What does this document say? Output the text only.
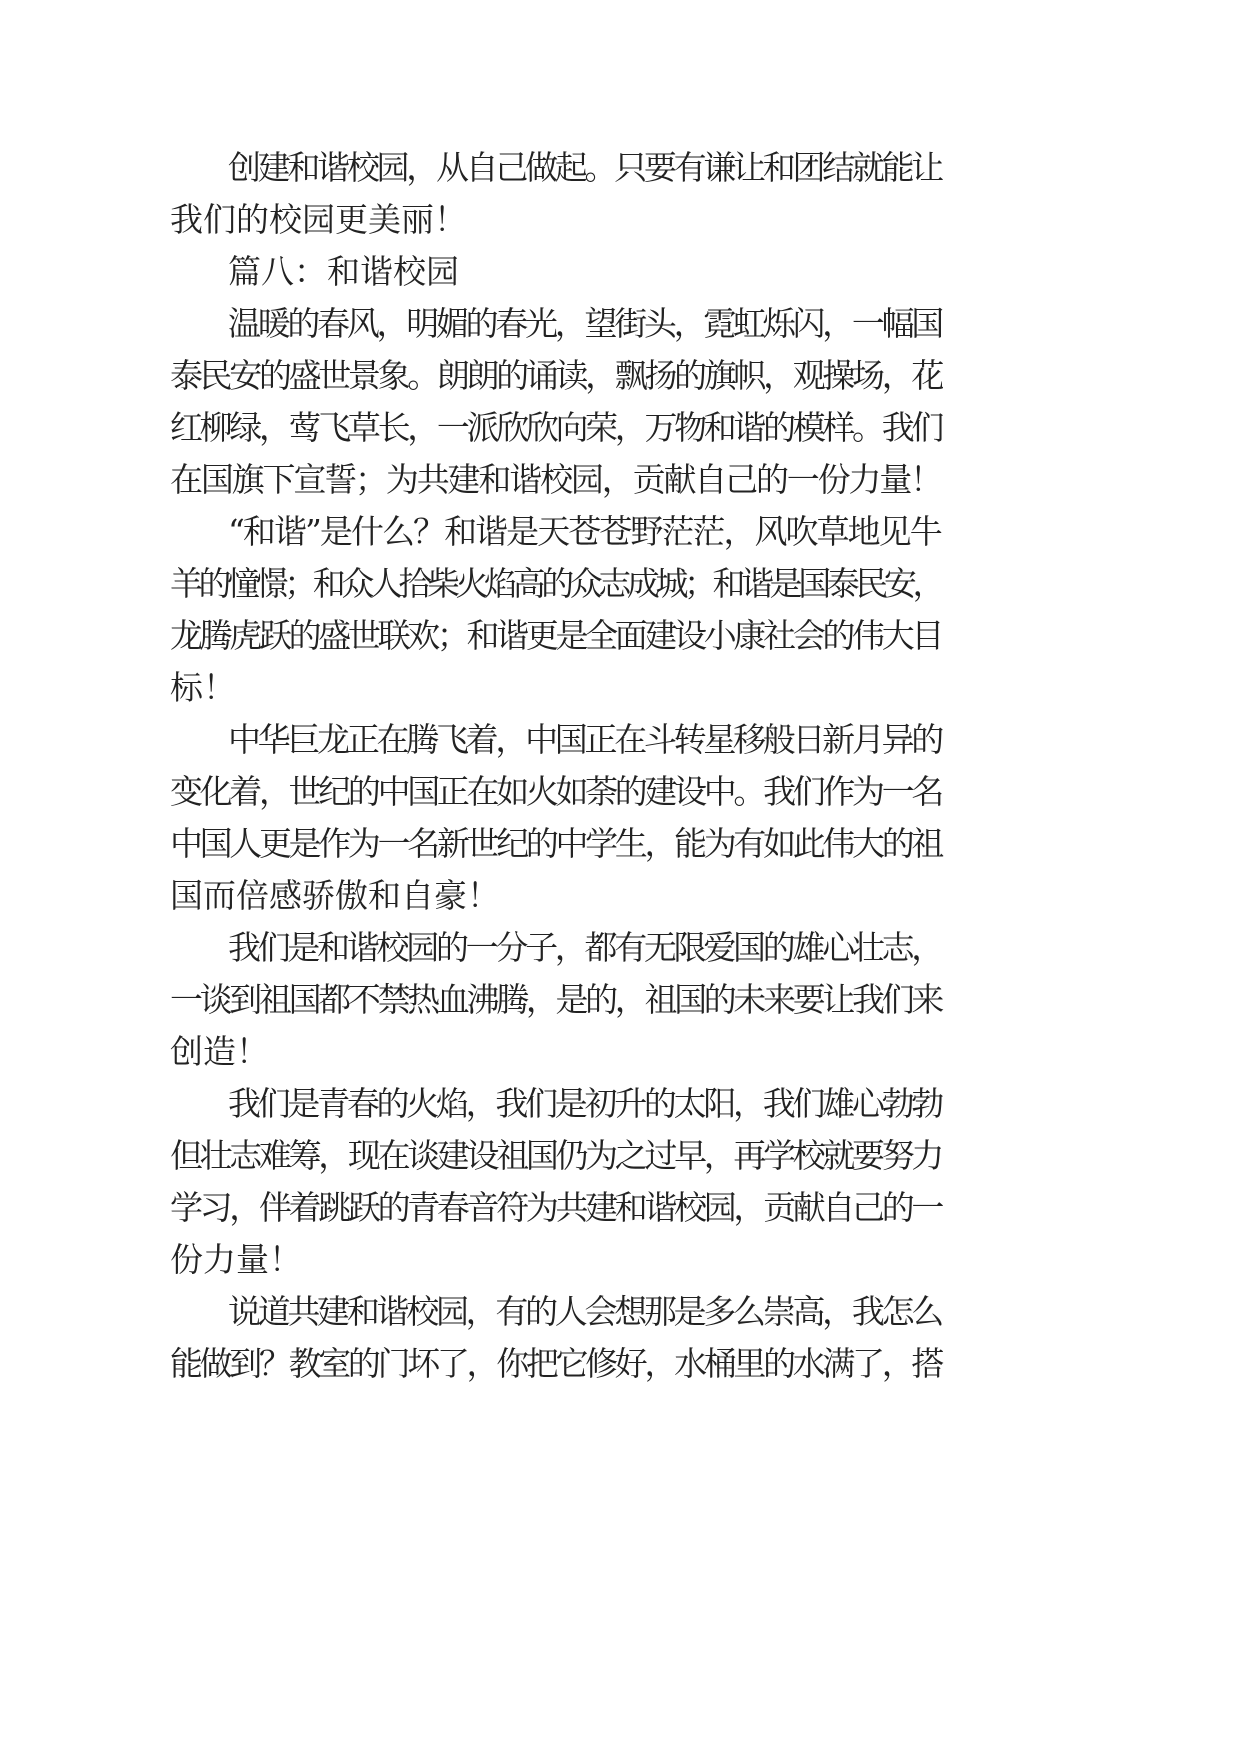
创建和谐校园，从自己做起。只要有谦让和团结就能让
我们的校园更美丽！
篇八：和谐校园
温暖的春风，明媚的春光，望街头，霓虹烁闪，一幅国
泰民安的盛世景象。朗朗的诵读，飘扬的旗帜，观操场，花
红柳绿，莺飞草长，一派欣欣向荣，万物和谐的模样。我们
在国旗下宣誓；为共建和谐校园，贡献自己的一份力量！
“和谐”是什么？和谐是天苍苍野茫茫，风吹草地见牛
羊的憧憬；和众人拾柴火焰高的众志成城；和谐是国泰民安，
龙腾虎跃的盛世联欢；和谐更是全面建设小康社会的伟大目
标！
中华巨龙正在腾飞着，中国正在斗转星移般日新月异的
变化着，世纪的中国正在如火如荼的建设中。我们作为一名
中国人更是作为一名新世纪的中学生，能为有如此伟大的祖
国而倍感骄傲和自豪！
我们是和谐校园的一分子，都有无限爱国的雄心壮志，
一谈到祖国都不禁热血沸腾，是的，祖国的未来要让我们来
创造！
我们是青春的火焰，我们是初升的太阳，我们雄心勃勃
但壮志难筹，现在谈建设祖国仍为之过早，再学校就要努力
学习，伴着跳跃的青春音符为共建和谐校园，贡献自己的一
份力量！
说道共建和谐校园，有的人会想那是多么崇高，我怎么
能做到？教室的门坏了，你把它修好，水桶里的水满了，搭
